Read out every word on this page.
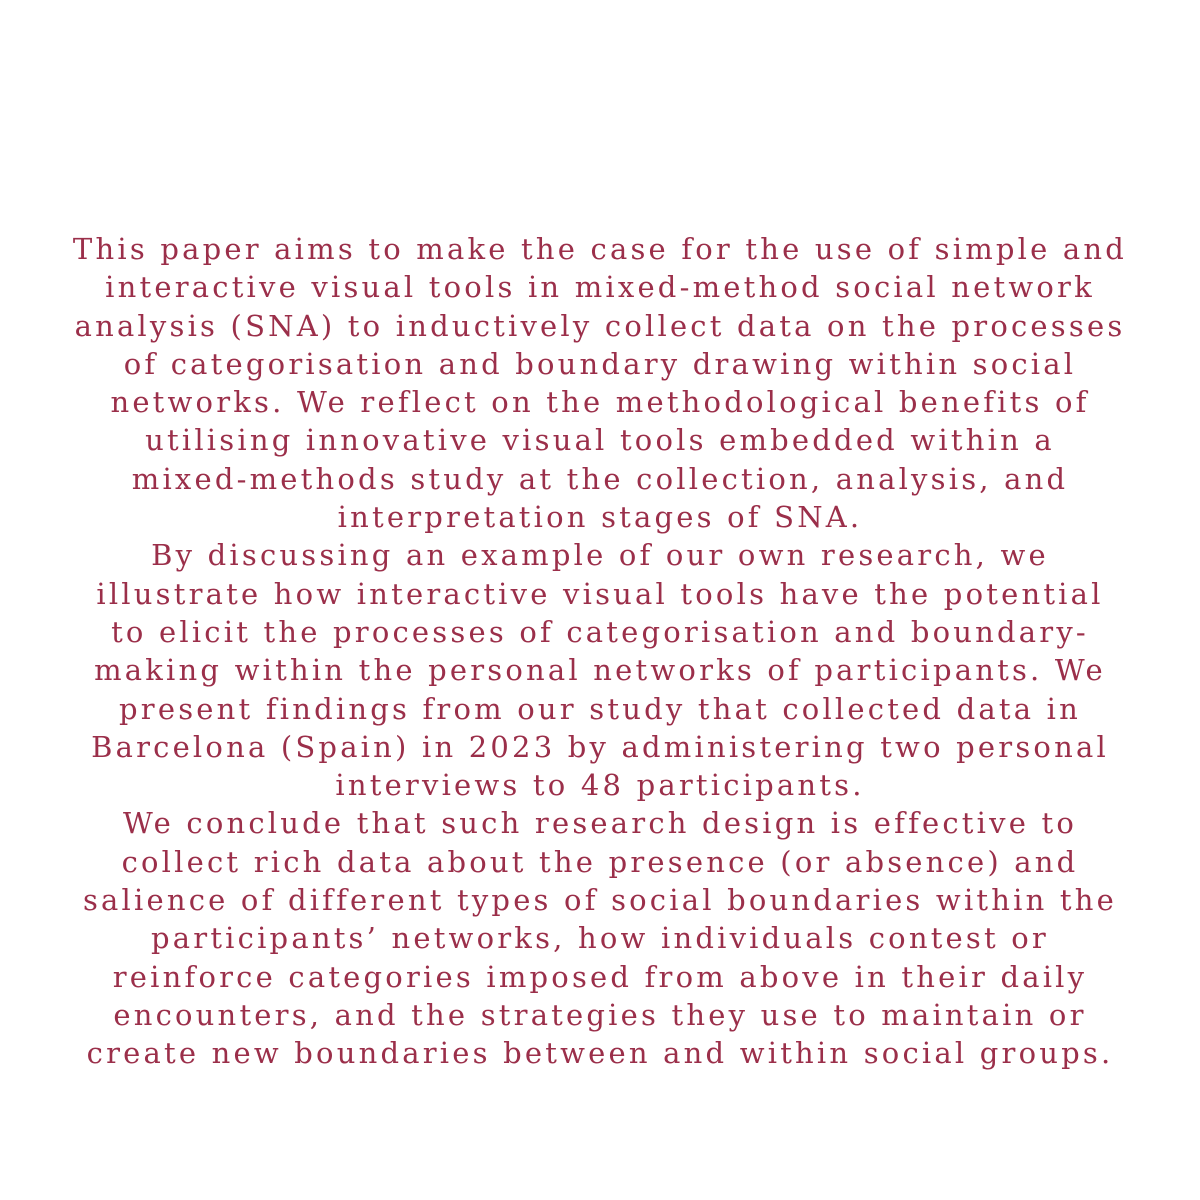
This paper aims to make the case for the use of simple and
interactive visual tools in mixed-method social network
analysis (SNA) to inductively collect data on the processes
of categorisation and boundary drawing within social
networks. We reflect on the methodological benefits of
utilising innovative visual tools embedded within a
mixed-methods study at the collection, analysis, and
interpretation stages of SNA.
By discussing an example of our own research, we
illustrate how interactive visual tools have the potential
to elicit the processes of categorisation and boundary-
making within the personal networks of participants. We
present findings from our study that collected data in
Barcelona (Spain) in 2023 by administering two personal
interviews to 48 participants.
We conclude that such research design is effective to
collect rich data about the presence (or absence) and
salience of different types of social boundaries within the
participants’ networks, how individuals contest or
reinforce categories imposed from above in their daily
encounters, and the strategies they use to maintain or
create new boundaries between and within social groups.
